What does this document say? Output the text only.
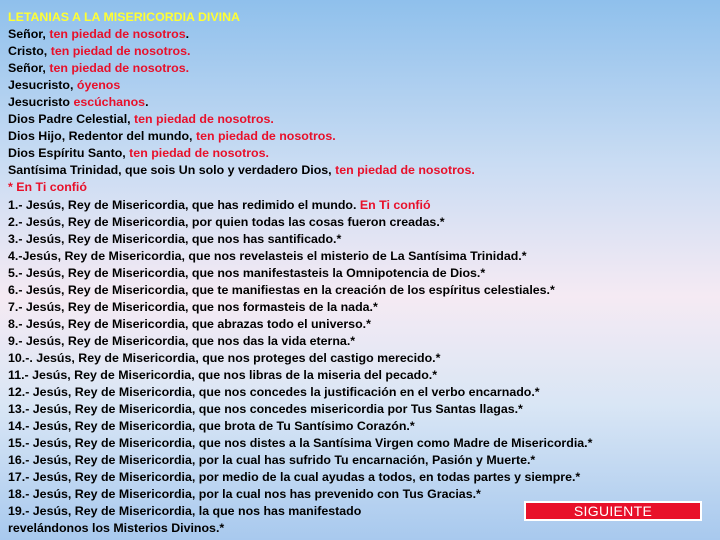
LETANIAS A LA MISERICORDIA DIVINA
Señor, ten piedad de nosotros.
Cristo, ten piedad de nosotros.
Señor, ten piedad de nosotros.
Jesucristo, óyenos
Jesucristo escúchanos.
Dios Padre Celestial, ten piedad de nosotros.
Dios Hijo, Redentor del mundo, ten piedad de nosotros.
Dios Espíritu Santo, ten piedad de nosotros.
Santísima Trinidad, que sois Un solo y verdadero Dios, ten piedad de nosotros.
* En Ti confió
1.- Jesús, Rey de Misericordia, que has redimido el mundo. En Ti confió
2.- Jesús, Rey de Misericordia, por quien todas las cosas fueron creadas.*
3.- Jesús, Rey de Misericordia, que nos has santificado.*
4.-Jesús, Rey de Misericordia, que nos revelasteis el misterio de La Santísima Trinidad.*
5.- Jesús, Rey de Misericordia, que nos manifestasteis la Omnipotencia de Dios.*
6.- Jesús, Rey de Misericordia, que te manifiestas en la creación de los espíritus celestiales.*
7.- Jesús, Rey de Misericordia, que nos formasteis de la nada.*
8.- Jesús, Rey de Misericordia, que abrazas todo el universo.*
9.- Jesús, Rey de Misericordia, que nos das la vida eterna.*
10.-. Jesús, Rey de Misericordia, que nos proteges del castigo merecido.*
11.- Jesús, Rey de Misericordia, que nos libras de la miseria del pecado.*
12.- Jesús, Rey de Misericordia, que nos concedes la justificación en el verbo encarnado.*
13.- Jesús, Rey de Misericordia, que nos concedes misericordia por Tus Santas llagas.*
14.- Jesús, Rey de Misericordia, que brota de Tu Santísimo Corazón.*
15.- Jesús, Rey de Misericordia, que nos distes a la Santísima Virgen como Madre de Misericordia.*
16.- Jesús, Rey de Misericordia, por la cual has sufrido Tu encarnación, Pasión y Muerte.*
17.- Jesús, Rey de Misericordia, por medio de la cual ayudas a todos, en todas partes y siempre.*
18.- Jesús, Rey de Misericordia, por la cual nos has prevenido con Tus Gracias.*
19.- Jesús, Rey de Misericordia, la que nos has manifestado
revelándonos los Misterios Divinos.*
SIGUIENTE
